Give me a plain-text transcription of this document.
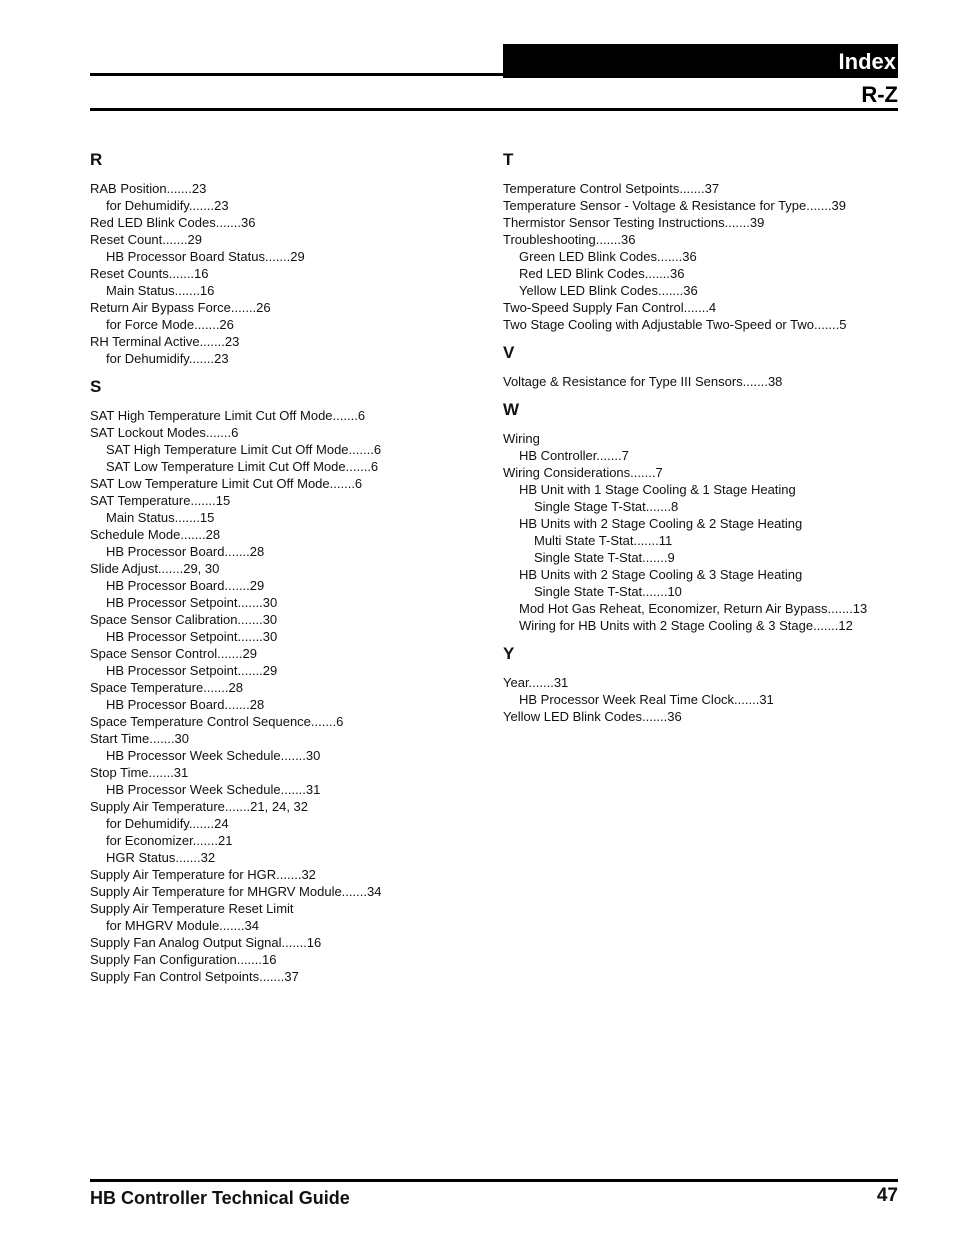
Index
R-Z
R
RAB Position.......23
for Dehumidify.......23
Red LED Blink Codes.......36
Reset Count.......29
HB Processor Board Status.......29
Reset Counts.......16
Main Status.......16
Return Air Bypass Force.......26
for Force Mode.......26
RH Terminal Active.......23
for Dehumidify.......23
S
SAT High Temperature Limit Cut Off Mode.......6
SAT Lockout Modes.......6
SAT High Temperature Limit Cut Off Mode.......6
SAT Low Temperature Limit Cut Off Mode.......6
SAT Low Temperature Limit Cut Off Mode.......6
SAT Temperature.......15
Main Status.......15
Schedule Mode.......28
HB Processor Board.......28
Slide Adjust.......29, 30
HB Processor Board.......29
HB Processor Setpoint.......30
Space Sensor Calibration.......30
HB Processor Setpoint.......30
Space Sensor Control.......29
HB Processor Setpoint.......29
Space Temperature.......28
HB Processor Board.......28
Space Temperature Control Sequence.......6
Start Time.......30
HB Processor Week Schedule.......30
Stop Time.......31
HB Processor Week Schedule.......31
Supply Air Temperature.......21, 24, 32
for Dehumidify.......24
for Economizer.......21
HGR Status.......32
Supply Air Temperature for HGR.......32
Supply Air Temperature for MHGRV Module.......34
Supply Air Temperature Reset Limit
for MHGRV Module.......34
Supply Fan Analog Output Signal.......16
Supply Fan Configuration.......16
Supply Fan Control Setpoints.......37
T
Temperature Control Setpoints.......37
Temperature Sensor - Voltage & Resistance for Type.......39
Thermistor Sensor Testing Instructions.......39
Troubleshooting.......36
Green LED Blink Codes.......36
Red LED Blink Codes.......36
Yellow LED Blink Codes.......36
Two-Speed Supply Fan Control.......4
Two Stage Cooling with Adjustable Two-Speed or Two.......5
V
Voltage & Resistance for Type III Sensors.......38
W
Wiring
HB Controller.......7
Wiring Considerations.......7
HB Unit with 1 Stage Cooling & 1 Stage Heating
Single Stage T-Stat.......8
HB Units with 2 Stage Cooling & 2 Stage Heating
Multi State T-Stat.......11
Single State T-Stat.......9
HB Units with 2 Stage Cooling & 3 Stage Heating
Single State T-Stat.......10
Mod Hot Gas Reheat, Economizer, Return Air Bypass.......13
Wiring for HB Units with 2 Stage Cooling & 3 Stage.......12
Y
Year.......31
HB Processor Week Real Time Clock.......31
Yellow LED Blink Codes.......36
HB Controller Technical Guide	47
